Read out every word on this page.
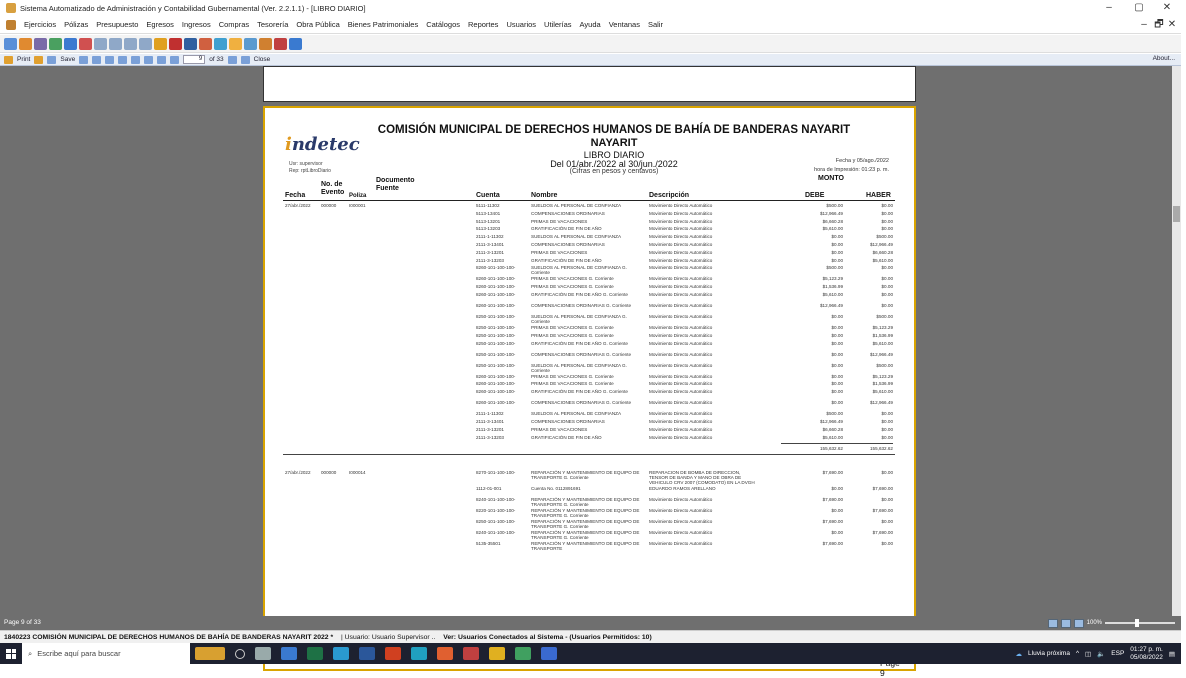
Sistema Automatizado de Administración y Contabilidad Gubernamental (Ver. 2.2.1.1) - [LIBRO DIARIO]	–	▢	✕
Ejercicios	Pólizas	Presupuesto	Egresos	Ingresos	Compras	Tesorería	Obra Pública	Bienes Patrimoniales	Catálogos	Reportes	Usuarios	Utilerías	Ayuda	Ventanas	Salir	– 🗗 ✕
Print	Save	9	of 33	Close	About...
indetec
COMISIÓN MUNICIPAL DE DERECHOS HUMANOS DE BAHÍA DE BANDERAS NAYARIT
NAYARIT
LIBRO DIARIO
Del 01/abr./2022 al 30/jun./2022
(Cifras en pesos y centavos)
Usr: supervisor
Rep: rptLibroDiario
Fecha y 05/ago./2022
hora de Impresión: 01:23 p. m.
MONTO
Fecha
No. de
Evento Poliza
Documento
Fuente
Cuenta	Nombre	Descripción	DEBE	HABER
9
27/abr./2022 000000	I000001	5111-11302	SUELDOS AL PERSONAL DE CONFIANZA	Movimiento Directo Automático	$500.00	$0.00
5113-13401	COMPENSACIONES ORDINARIAS	Movimiento Directo Automático	$12,966.49	$0.00
5113-13201	PRIMAS DE VACACIONES	Movimiento Directo Automático	$6,660.28	$0.00
5113-13203	GRATIFICACIÓN DE FIN DE AÑO	Movimiento Directo Automático	$5,610.00	$0.00
2111-1-11302	SUELDOS AL PERSONAL DE CONFIANZA	Movimiento Directo Automático	$0.00	$500.00
2111-3-13401	COMPENSACIONES ORDINARIAS	Movimiento Directo Automático	$0.00	$12,966.49
2111-3-13201	PRIMAS DE VACACIONES	Movimiento Directo Automático	$0.00	$6,660.28
2111-3-13203	GRATIFICACIÓN DE FIN DE AÑO	Movimiento Directo Automático	$0.00	$5,610.00
8260-101-100-100-	SUELDOS AL PERSONAL DE CONFIANZA G. Corriente
Movimiento Directo Automático	$500.00	$0.00
8260-101-100-100-	PRIMAS DE VACACIONES G. Corriente	Movimiento Directo Automático	$5,123.29	$0.00
8260-101-100-100-	PRIMAS DE VACACIONES G. Corriente	Movimiento Directo Automático	$1,536.99	$0.00
8260-101-100-100-	GRATIFICACIÓN DE FIN DE AÑO G. Corriente	Movimiento Directo Automático	$5,610.00	$0.00
8260-101-100-100-	COMPENSACIONES ORDINARIAS G. Corriente	Movimiento Directo Automático	$12,966.49	$0.00
8250-101-100-100-	SUELDOS AL PERSONAL DE CONFIANZA G. Corriente
Movimiento Directo Automático	$0.00	$500.00
8250-101-100-100-	PRIMAS DE VACACIONES G. Corriente	Movimiento Directo Automático	$0.00	$5,123.29
8250-101-100-100-	PRIMAS DE VACACIONES G. Corriente	Movimiento Directo Automático	$0.00	$1,536.99
8250-101-100-100-	GRATIFICACIÓN DE FIN DE AÑO G. Corriente	Movimiento Directo Automático	$0.00	$5,610.00
8250-101-100-100-	COMPENSACIONES ORDINARIAS G. Corriente	Movimiento Directo Automático	$0.00	$12,966.49
8250-101-100-100-	SUELDOS AL PERSONAL DE CONFIANZA G. Corriente
Movimiento Directo Automático	$0.00	$500.00
8260-101-100-100-	PRIMAS DE VACACIONES G. Corriente	Movimiento Directo Automático	$0.00	$5,123.29
8260-101-100-100-	PRIMAS DE VACACIONES G. Corriente	Movimiento Directo Automático	$0.00	$1,536.99
8260-101-100-100-	GRATIFICACIÓN DE FIN DE AÑO G. Corriente	Movimiento Directo Automático	$0.00	$5,610.00
8260-101-100-100-	COMPENSACIONES ORDINARIAS G. Corriente	Movimiento Directo Automático	$0.00	$12,966.49
2111-1-11302	SUELDOS AL PERSONAL DE CONFIANZA	Movimiento Directo Automático	$500.00	$0.00
2111-3-13401	COMPENSACIONES ORDINARIAS	Movimiento Directo Automático	$12,966.49	$0.00
2111-3-13201	PRIMAS DE VACACIONES	Movimiento Directo Automático	$6,660.28	$0.00
2111-3-13203	GRATIFICACIÓN DE FIN DE AÑO	Movimiento Directo Automático	$5,610.00	$0.00
155,632.62	155,632.62
27/abr./2022 000000	I000014	8270-101-100-100-	REPARACIÓN Y MANTENIMIENTO DE EQUIPO DE TRANSPORTE G. Corriente
REPARACION DE BOMBA DE DIRECCION, TENSOR DE BANDA Y MANO DE OBRA DE VEHICULO CRV 2007 (COMODATO) EN LA DVGH
$7,690.00	$0.00
1112-01-001	Cuenta No. 0112891691	EDUARDO RAMOS ARELLANO	$0.00	$7,690.00
8240-101-100-100-	REPARACIÓN Y MANTENIMIENTO DE EQUIPO DE TRANSPORTE G. Corriente
Movimiento Directo Automático	$7,690.00	$0.00
8220-101-100-100-	REPARACIÓN Y MANTENIMIENTO DE EQUIPO DE TRANSPORTE G. Corriente
Movimiento Directo Automático	$0.00	$7,690.00
8250-101-100-100-	REPARACIÓN Y MANTENIMIENTO DE EQUIPO DE TRANSPORTE G. Corriente
Movimiento Directo Automático	$7,690.00	$0.00
8240-101-100-100-	REPARACIÓN Y MANTENIMIENTO DE EQUIPO DE TRANSPORTE G. Corriente
Movimiento Directo Automático	$0.00	$7,690.00
5135-35501	REPARACIÓN Y MANTENIMIENTO DE EQUIPO DE TRANSPORTE
Movimiento Directo Automático	$7,690.00	$0.00
Page 9 of 33	100%
1840223 COMISIÓN MUNICIPAL DE DERECHOS HUMANOS DE BAHÍA DE BANDERAS NAYARIT 2022 * | Usuario: Usuario Supervisor .. Ver: Usuarios Conectados al Sistema - (Usuarios Permitidos: 10)
⌕ Escribe aquí para buscar	☁ Lluvia próxima ^ ◫ 🔈 ESP
01:27 p. m.
05/08/2022 ▤
